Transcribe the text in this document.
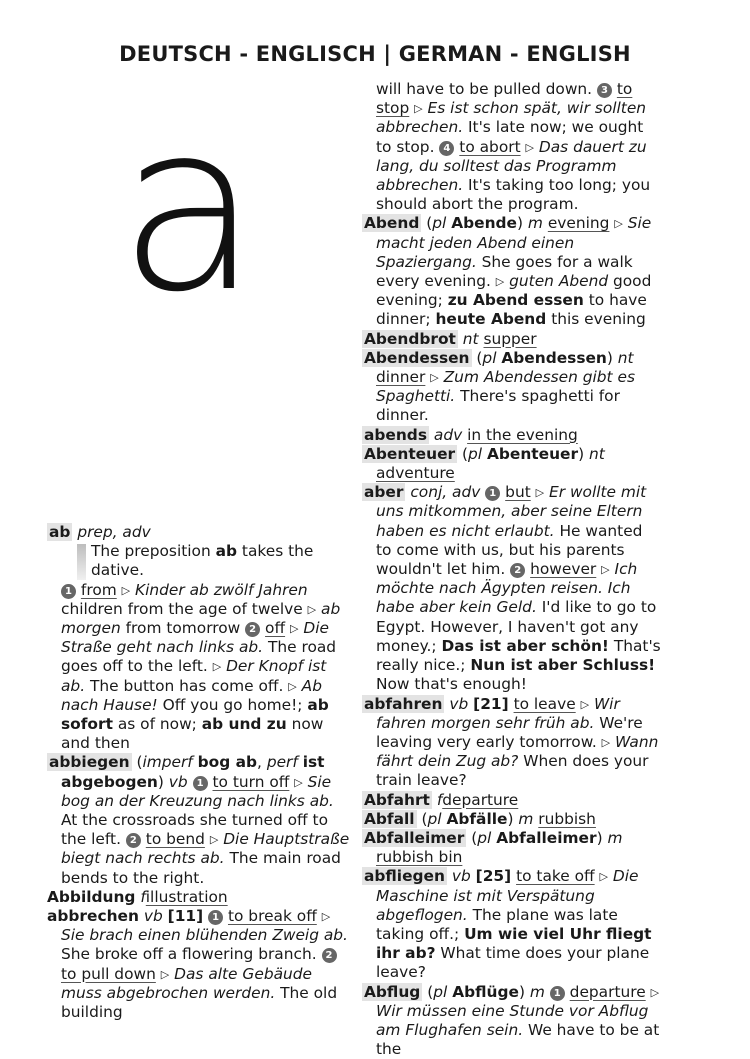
DEUTSCH - ENGLISCH | GERMAN - ENGLISH
a
ab prep, adv
The preposition ab takes the dative.
1 from ▷ Kinder ab zwölf Jahren children from the age of twelve ▷ ab morgen from tomorrow 2 off ▷ Die Straße geht nach links ab. The road goes off to the left. ▷ Der Knopf ist ab. The button has come off. ▷ Ab nach Hause! Off you go home!; ab sofort as of now; ab und zu now and then
abbiegen (imperf bog ab, perf ist abgebogen) vb 1 to turn off ▷ Sie bog an der Kreuzung nach links ab. At the crossroads she turned off to the left. 2 to bend ▷ Die Hauptstraße biegt nach rechts ab. The main road bends to the right.
Abbildung fillustration
abbrechen vb [11] 1 to break off ▷ Sie brach einen blühenden Zweig ab. She broke off a flowering branch. 2 to pull down ▷ Das alte Gebäude muss abgebrochen werden. The old building
will have to be pulled down. 3 to stop ▷ Es ist schon spät, wir sollten abbrechen. It's late now; we ought to stop. 4 to abort ▷ Das dauert zu lang, du solltest das Programm abbrechen. It's taking too long; you should abort the program.
Abend (pl Abende) m evening ▷ Sie macht jeden Abend einen Spaziergang. She goes for a walk every evening. ▷ guten Abend good evening; zu Abend essen to have dinner; heute Abend this evening
Abendbrot nt supper
Abendessen (pl Abendessen) nt dinner ▷ Zum Abendessen gibt es Spaghetti. There's spaghetti for dinner.
abends adv in the evening
Abenteuer (pl Abenteuer) nt adventure
aber conj, adv 1 but ▷ Er wollte mit uns mitkommen, aber seine Eltern haben es nicht erlaubt. He wanted to come with us, but his parents wouldn't let him. 2 however ▷ Ich möchte nach Ägypten reisen. Ich habe aber kein Geld. I'd like to go to Egypt. However, I haven't got any money.; Das ist aber schön! That's really nice.; Nun ist aber Schluss! Now that's enough!
abfahren vb [21] to leave ▷ Wir fahren morgen sehr früh ab. We're leaving very early tomorrow. ▷ Wann fährt dein Zug ab? When does your train leave?
Abfahrt fdeparture
Abfall (pl Abfälle) m rubbish
Abfalleimer (pl Abfalleimer) m rubbish bin
abfliegen vb [25] to take off ▷ Die Maschine ist mit Verspätung abgeflogen. The plane was late taking off.; Um wie viel Uhr fliegt ihr ab? What time does your plane leave?
Abflug (pl Abflüge) m 1 departure ▷ Wir müssen eine Stunde vor Abflug am Flughafen sein. We have to be at the
